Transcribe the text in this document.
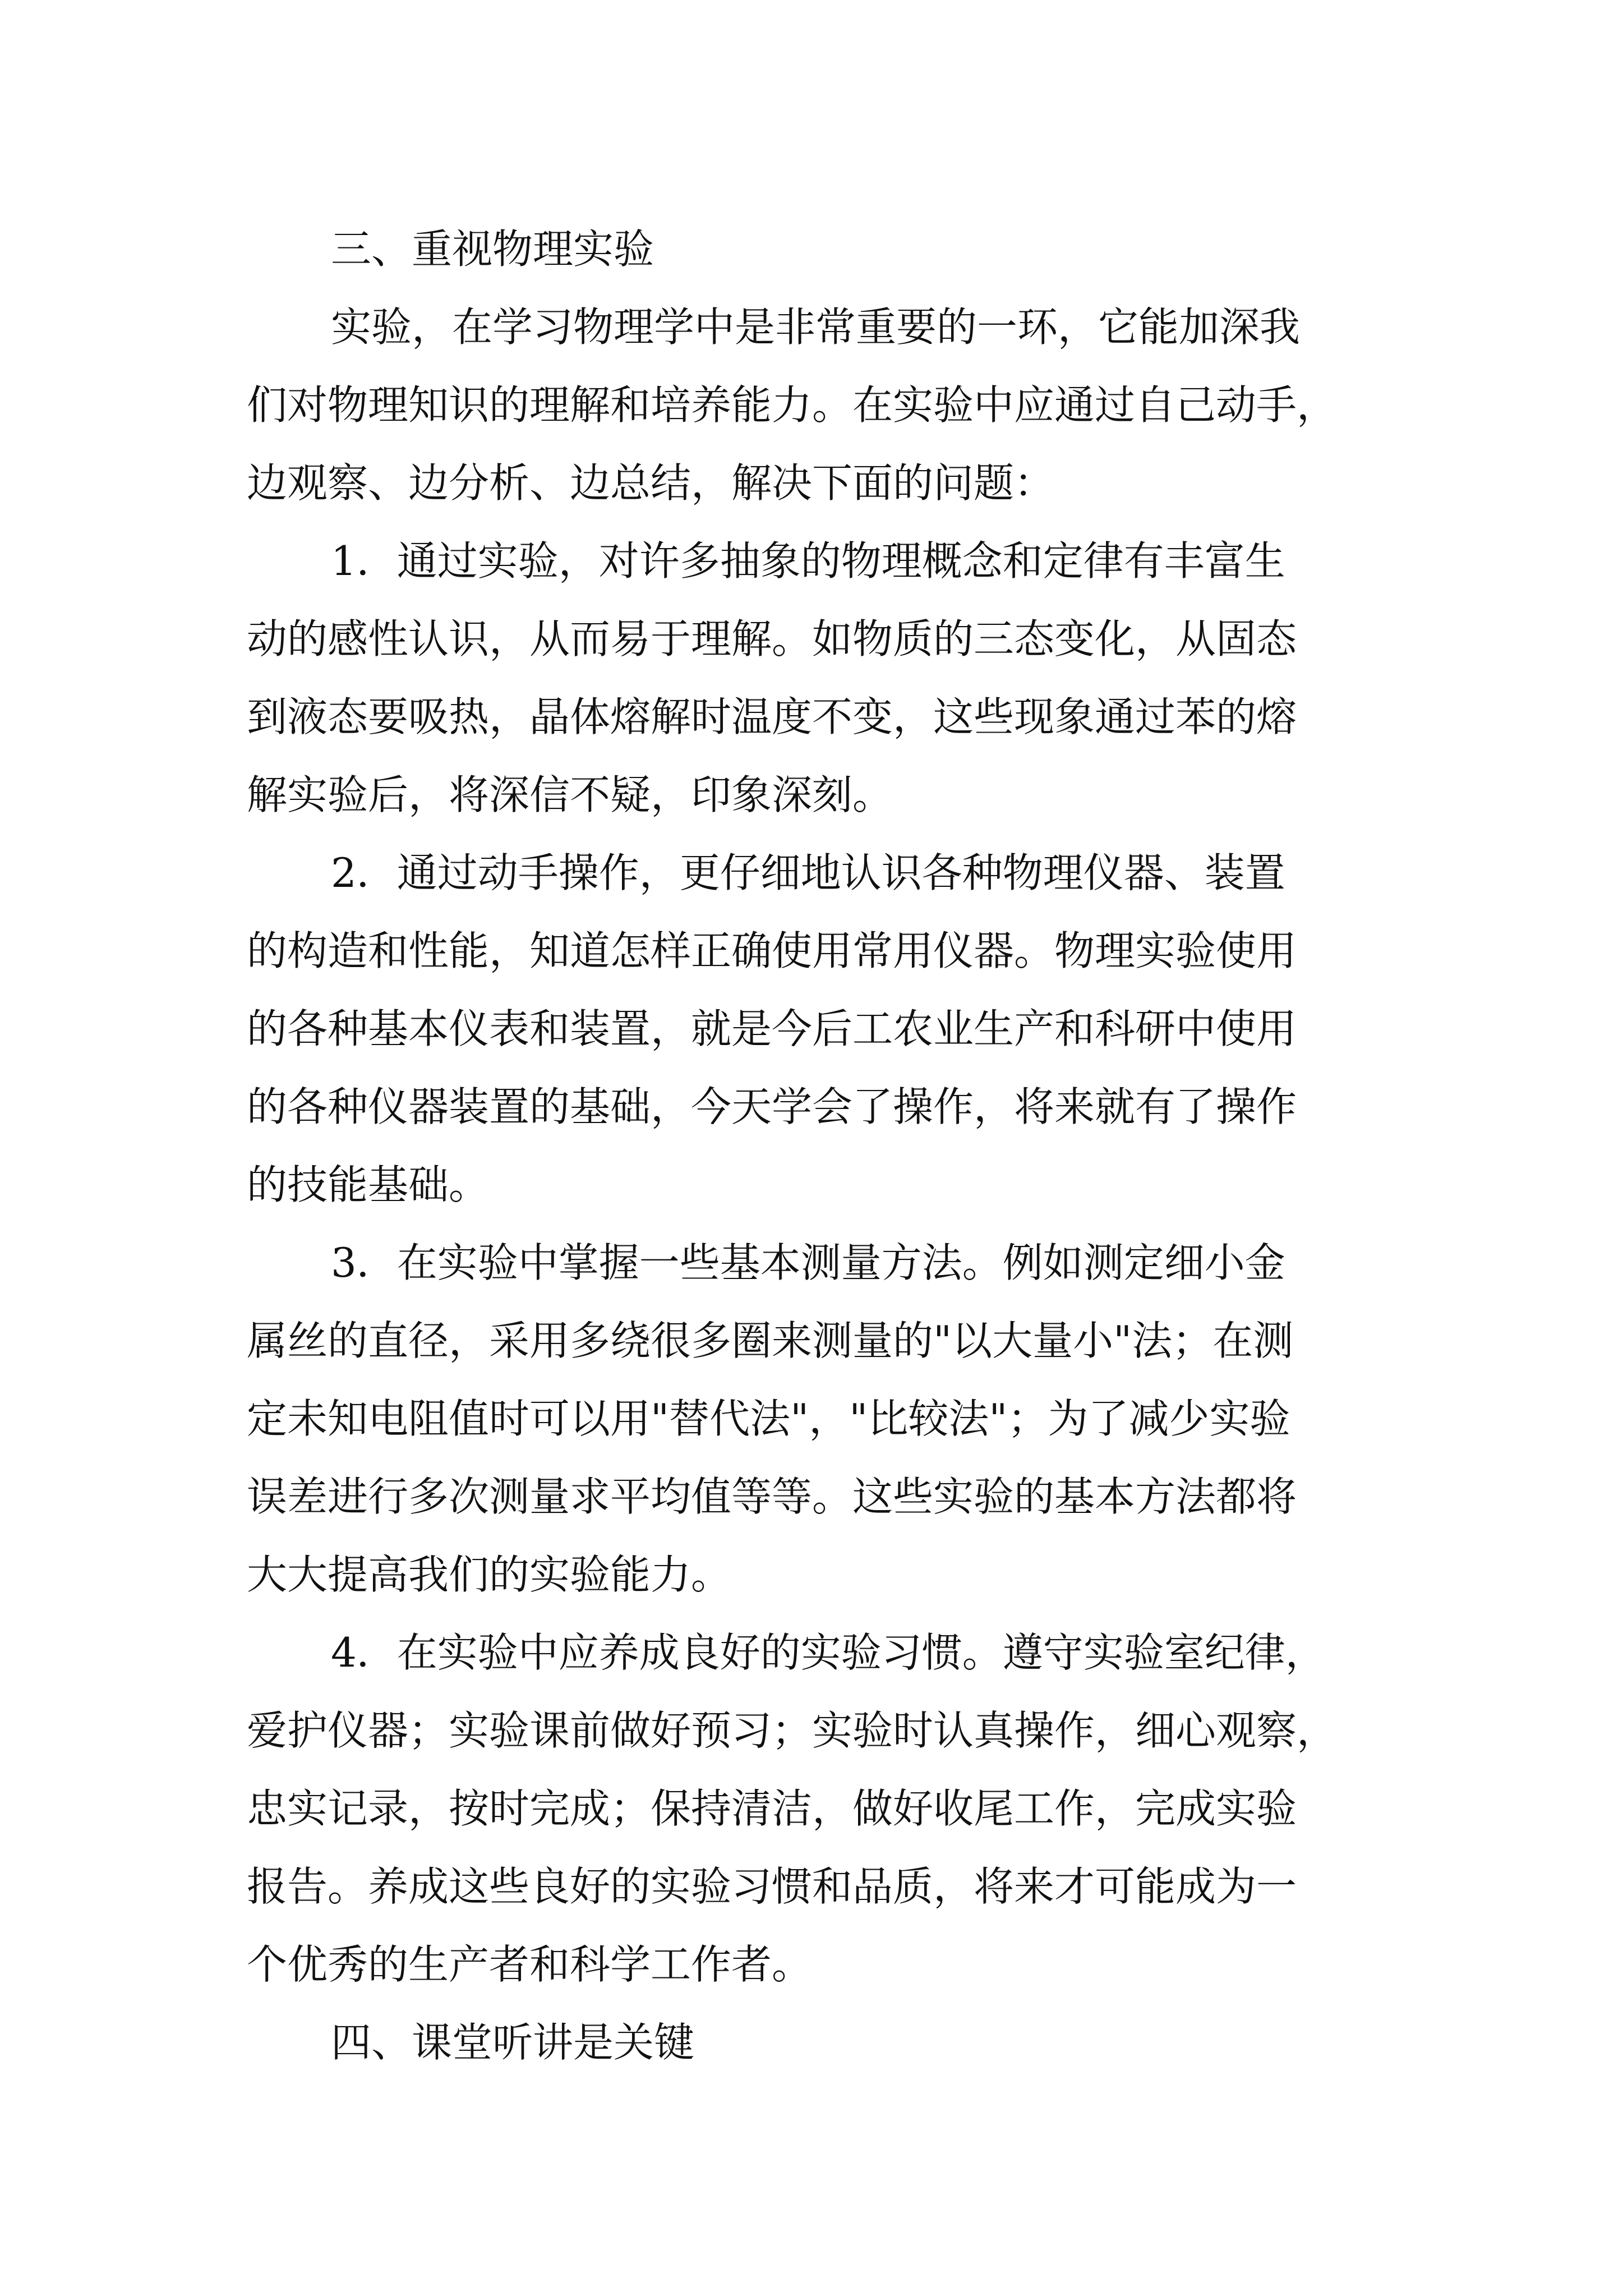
三、重视物理实验
实验，在学习物理学中是非常重要的一环，它能加深我
们对物理知识的理解和培养能力。在实验中应通过自己动手，
边观察、边分析、边总结，解决下面的问题：
1．通过实验，对许多抽象的物理概念和定律有丰富生
动的感性认识，从而易于理解。如物质的三态变化，从固态
到液态要吸热，晶体熔解时温度不变，这些现象通过苯的熔
解实验后，将深信不疑，印象深刻。
2．通过动手操作，更仔细地认识各种物理仪器、装置
的构造和性能，知道怎样正确使用常用仪器。物理实验使用
的各种基本仪表和装置，就是今后工农业生产和科研中使用
的各种仪器装置的基础，今天学会了操作，将来就有了操作
的技能基础。
3．在实验中掌握一些基本测量方法。例如测定细小金
属丝的直径，采用多绕很多圈来测量的"以大量小"法；在测
定未知电阻值时可以用"替代法"，"比较法"；为了减少实验
误差进行多次测量求平均值等等。这些实验的基本方法都将
大大提高我们的实验能力。
4．在实验中应养成良好的实验习惯。遵守实验室纪律，
爱护仪器；实验课前做好预习；实验时认真操作，细心观察，
忠实记录，按时完成；保持清洁，做好收尾工作，完成实验
报告。养成这些良好的实验习惯和品质，将来才可能成为一
个优秀的生产者和科学工作者。
四、课堂听讲是关键
